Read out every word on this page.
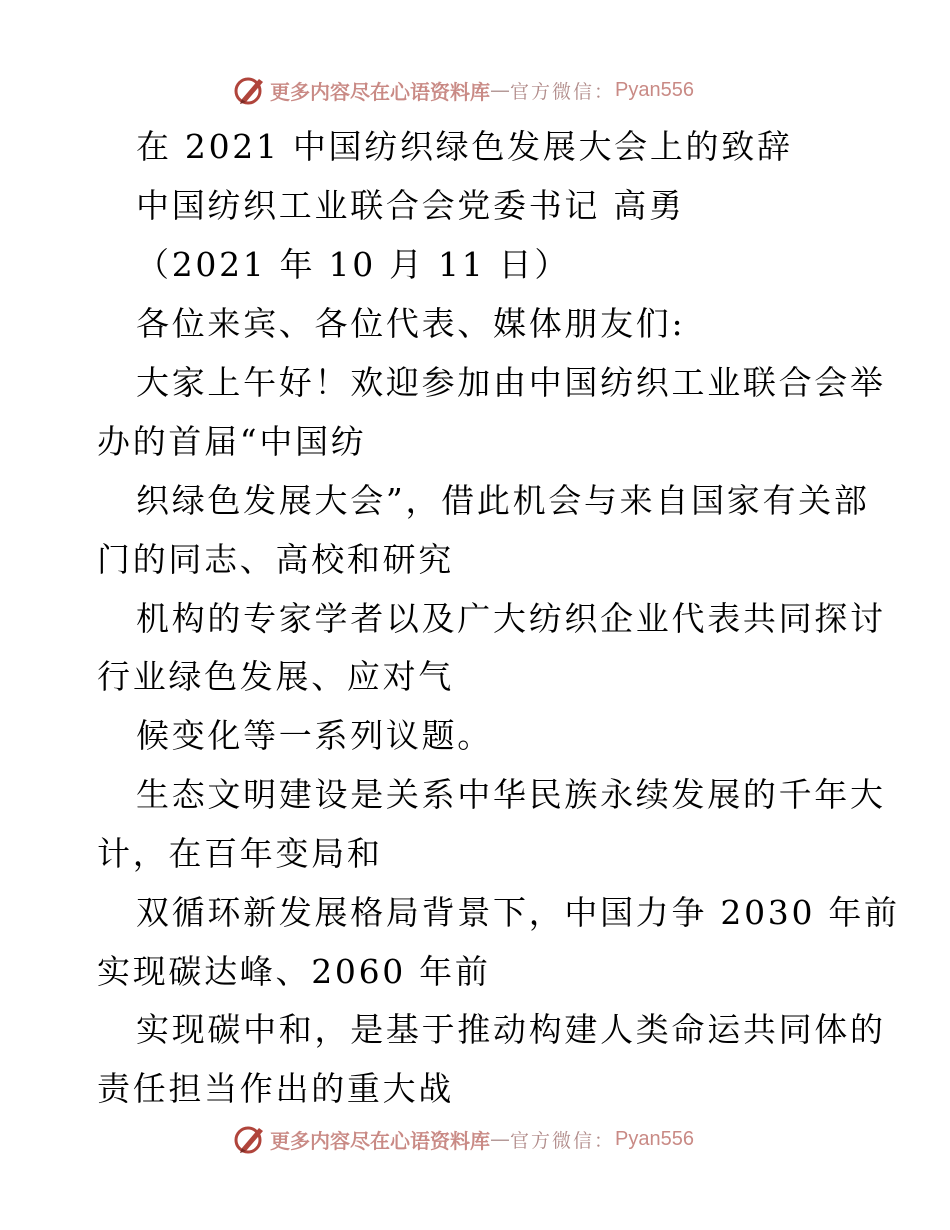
更多内容尽在心语资料库 — 官方微信： Pyan556
在 2021 中国纺织绿色发展大会上的致辞
中国纺织工业联合会党委书记 高勇
（2021 年 10 月 11 日）
各位来宾、各位代表、媒体朋友们:
大家上午好！欢迎参加由中国纺织工业联合会举
办的首届“中国纺
织绿色发展大会”，借此机会与来自国家有关部
门的同志、高校和研究
机构的专家学者以及广大纺织企业代表共同探讨
行业绿色发展、应对气
候变化等一系列议题。
生态文明建设是关系中华民族永续发展的千年大
计，在百年变局和
双循环新发展格局背景下，中国力争 2030 年前
实现碳达峰、2060 年前
实现碳中和，是基于推动构建人类命运共同体的
责任担当作出的重大战
更多内容尽在心语资料库 — 官方微信： Pyan556
